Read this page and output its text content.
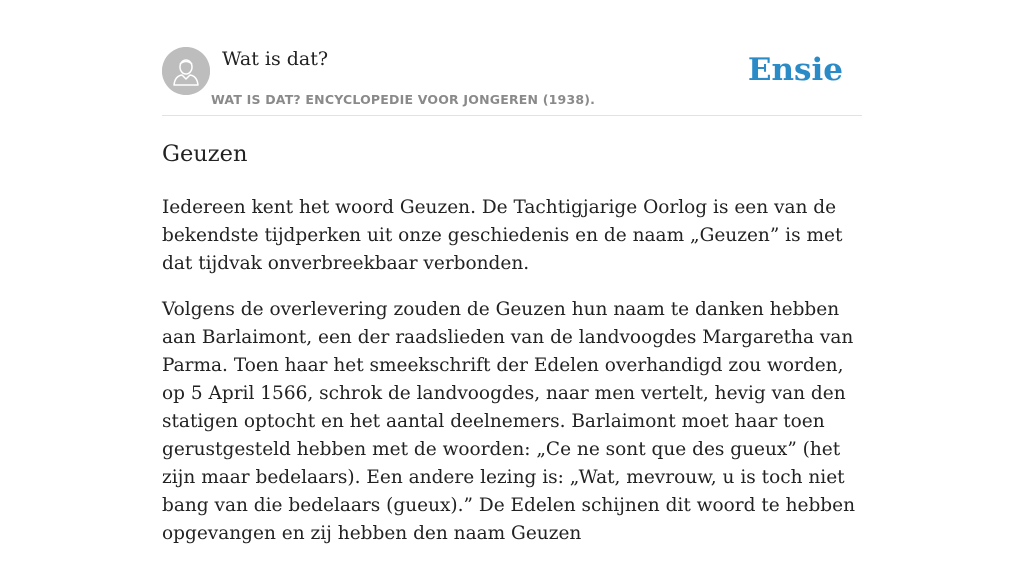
Wat is dat?
WAT IS DAT? ENCYCLOPEDIE VOOR JONGEREN (1938).
Ensie
Geuzen

Iedereen kent het woord Geuzen. De Tachtigjarige Oorlog is een van de bekendste tijdperken uit onze geschiedenis en de naam „Geuzen” is met dat tijdvak onverbreekbaar verbonden.

Volgens de overlevering zouden de Geuzen hun naam te danken hebben aan Barlaimont, een der raadslieden van de landvoogdes Margaretha van Parma. Toen haar het smeekschrift der Edelen overhandigd zou worden, op 5 April 1566, schrok de landvoogdes, naar men vertelt, hevig van den statigen optocht en het aantal deelnemers. Barlaimont moet haar toen gerustgesteld hebben met de woorden: „Ce ne sont que des gueux” (het zijn maar bedelaars). Een andere lezing is: „Wat, mevrouw, u is toch niet bang van die bedelaars (gueux).” De Edelen schijnen dit woord te hebben opgevangen en zij hebben den naam Geuzen
